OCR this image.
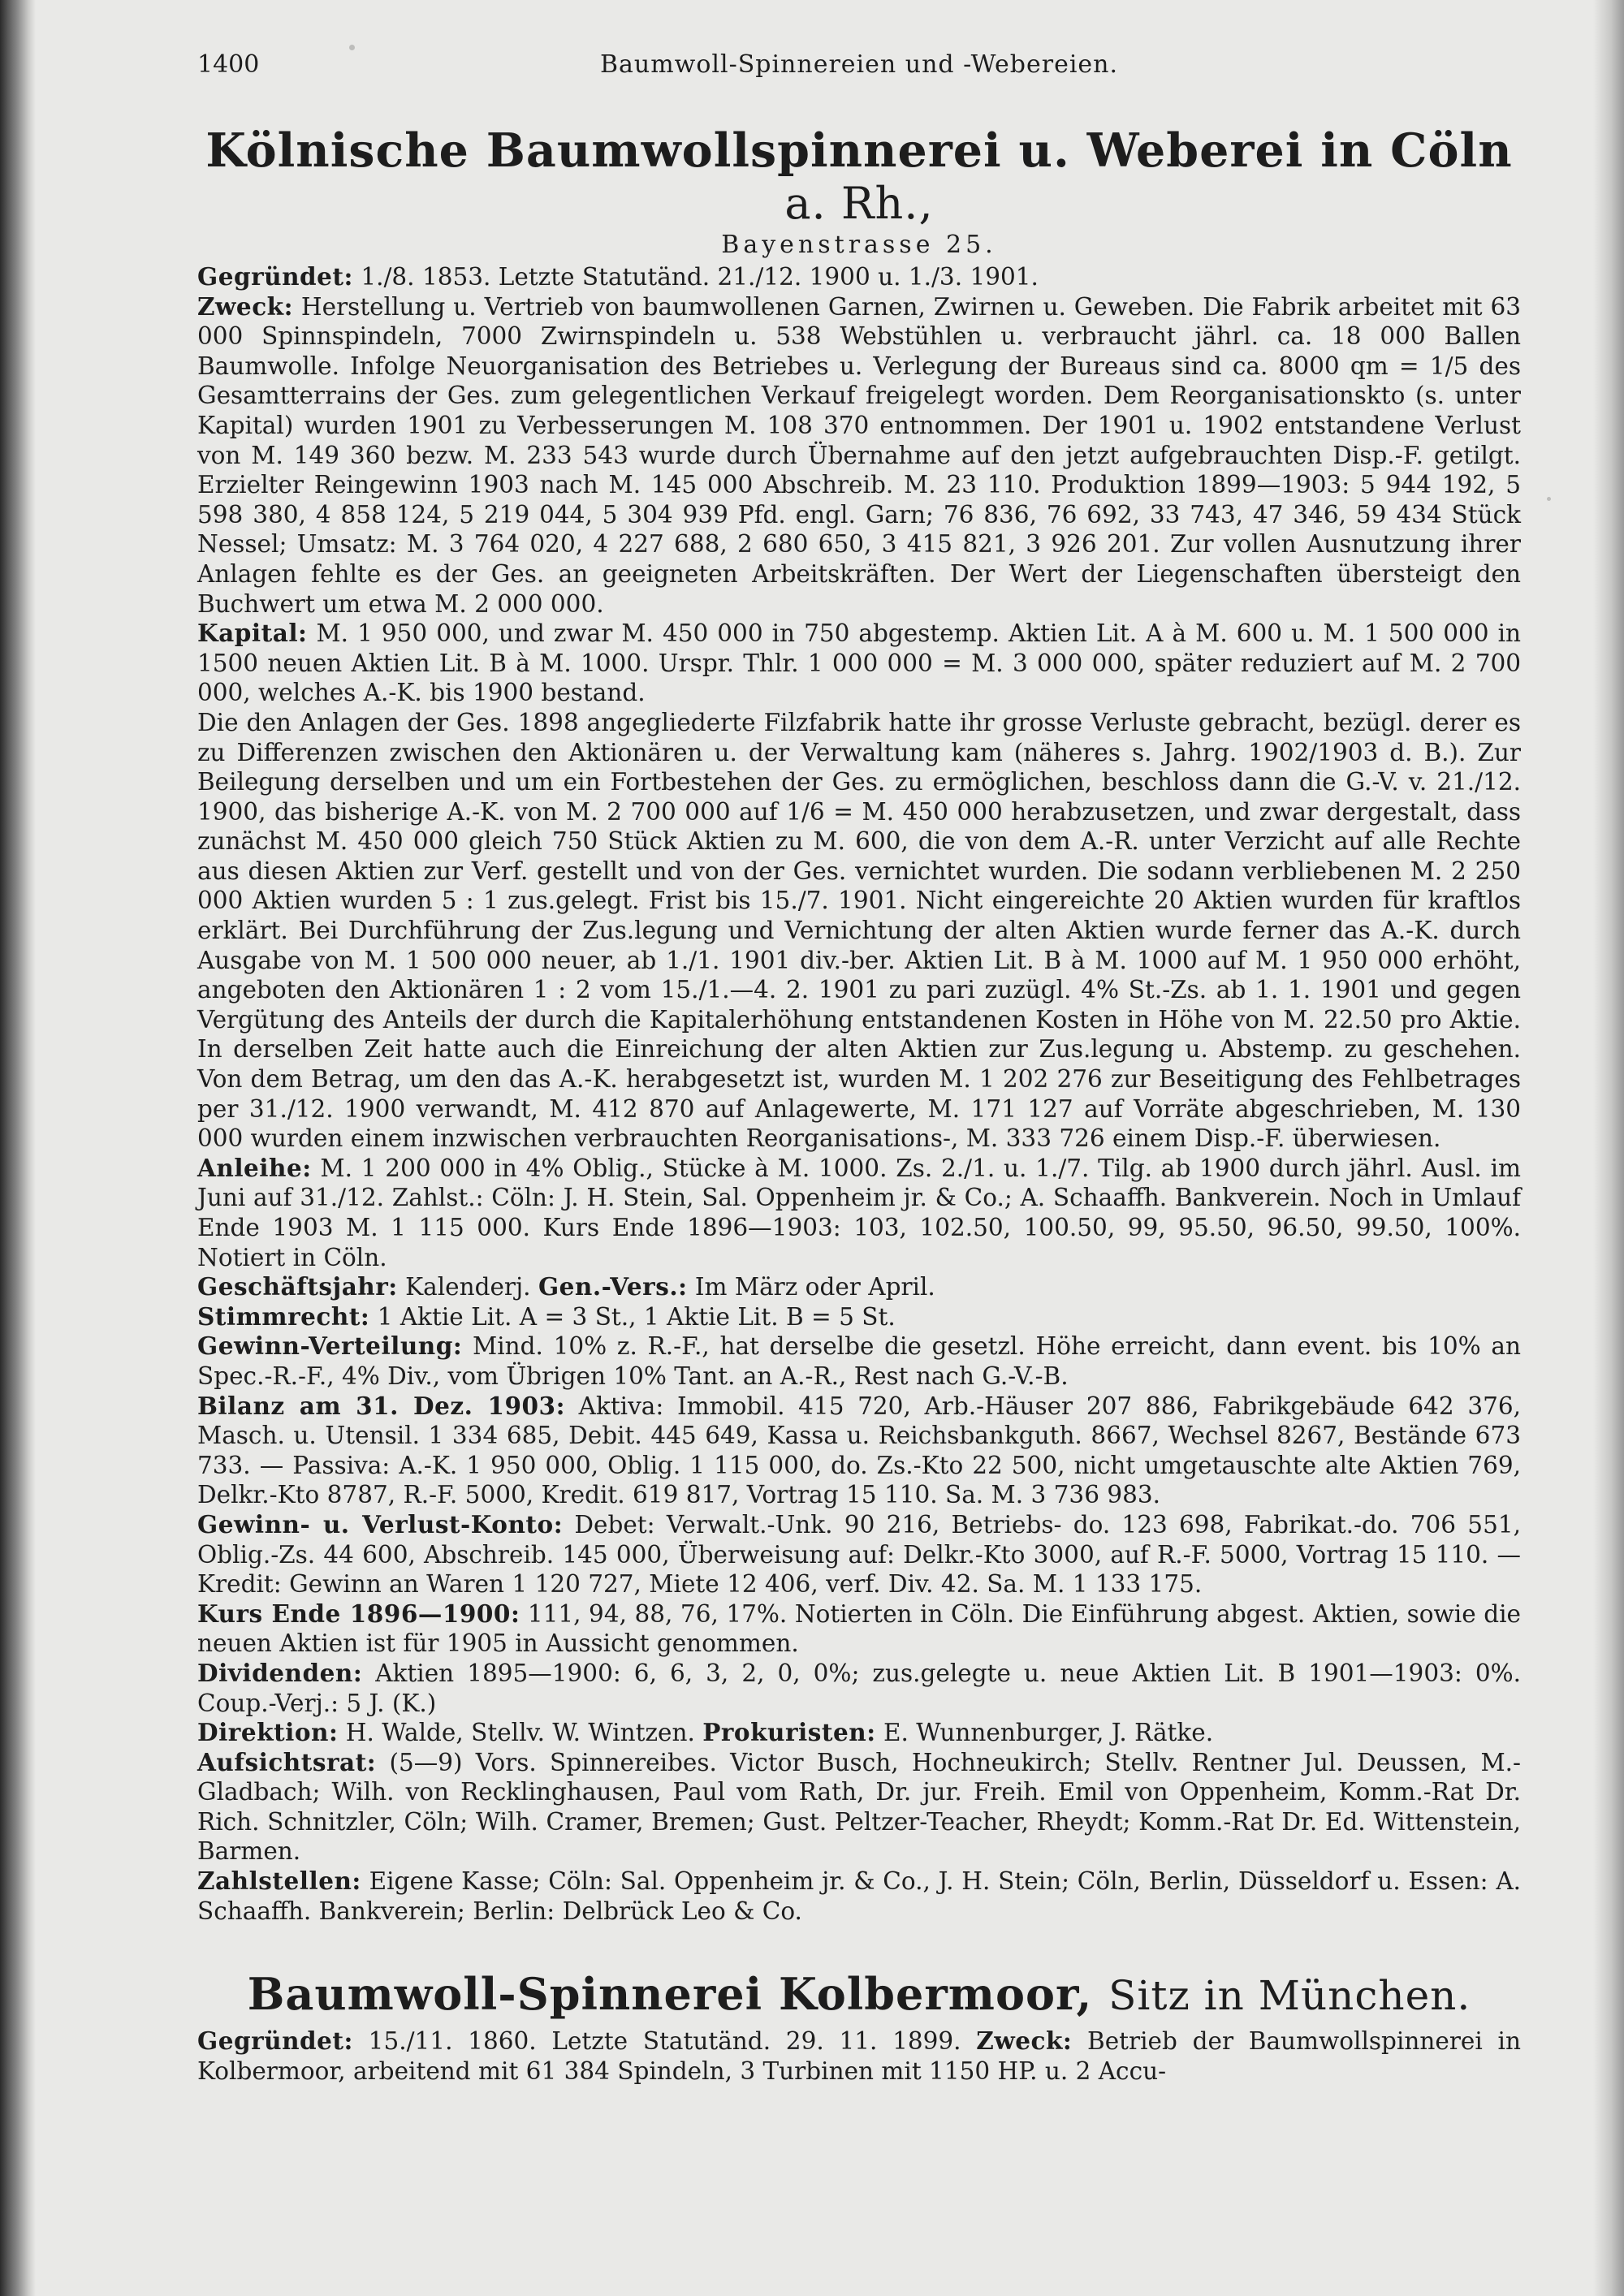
1400	Baumwoll-Spinnereien und -Webereien.
Kölnische Baumwollspinnerei u. Weberei in Cöln a. Rh.,
Bayenstrasse 25.

Gegründet: 1./8. 1853. Letzte Statutänd. 21./12. 1900 u. 1./3. 1901.

Zweck: Herstellung u. Vertrieb von baumwollenen Garnen, Zwirnen u. Geweben. Die Fabrik arbeitet mit 63 000 Spinnspindeln, 7000 Zwirnspindeln u. 538 Webstühlen u. verbraucht jährl. ca. 18 000 Ballen Baumwolle. Infolge Neuorganisation des Betriebes u. Verlegung der Bureaus sind ca. 8000 qm = 1/5 des Gesamtterrains der Ges. zum gelegentlichen Verkauf freigelegt worden. Dem Reorganisationskto (s. unter Kapital) wurden 1901 zu Verbesserungen M. 108 370 entnommen. Der 1901 u. 1902 entstandene Verlust von M. 149 360 bezw. M. 233 543 wurde durch Übernahme auf den jetzt aufgebrauchten Disp.-F. getilgt. Erzielter Reingewinn 1903 nach M. 145 000 Abschreib. M. 23 110. Produktion 1899—1903: 5 944 192, 5 598 380, 4 858 124, 5 219 044, 5 304 939 Pfd. engl. Garn; 76 836, 76 692, 33 743, 47 346, 59 434 Stück Nessel; Umsatz: M. 3 764 020, 4 227 688, 2 680 650, 3 415 821, 3 926 201. Zur vollen Ausnutzung ihrer Anlagen fehlte es der Ges. an geeigneten Arbeitskräften. Der Wert der Liegenschaften übersteigt den Buchwert um etwa M. 2 000 000.

Kapital: M. 1 950 000, und zwar M. 450 000 in 750 abgestemp. Aktien Lit. A à M. 600 u. M. 1 500 000 in 1500 neuen Aktien Lit. B à M. 1000. Urspr. Thlr. 1 000 000 = M. 3 000 000, später reduziert auf M. 2 700 000, welches A.-K. bis 1900 bestand.

Die den Anlagen der Ges. 1898 angegliederte Filzfabrik hatte ihr grosse Verluste gebracht, bezügl. derer es zu Differenzen zwischen den Aktionären u. der Verwaltung kam (näheres s. Jahrg. 1902/1903 d. B.). Zur Beilegung derselben und um ein Fortbestehen der Ges. zu ermöglichen, beschloss dann die G.-V. v. 21./12. 1900, das bisherige A.-K. von M. 2 700 000 auf 1/6 = M. 450 000 herabzusetzen, und zwar dergestalt, dass zunächst M. 450 000 gleich 750 Stück Aktien zu M. 600, die von dem A.-R. unter Verzicht auf alle Rechte aus diesen Aktien zur Verf. gestellt und von der Ges. vernichtet wurden. Die sodann verbliebenen M. 2 250 000 Aktien wurden 5 : 1 zus.gelegt. Frist bis 15./7. 1901. Nicht eingereichte 20 Aktien wurden für kraftlos erklärt. Bei Durchführung der Zus.legung und Vernichtung der alten Aktien wurde ferner das A.-K. durch Ausgabe von M. 1 500 000 neuer, ab 1./1. 1901 div.-ber. Aktien Lit. B à M. 1000 auf M. 1 950 000 erhöht, angeboten den Aktionären 1 : 2 vom 15./1.—4. 2. 1901 zu pari zuzügl. 4% St.-Zs. ab 1. 1. 1901 und gegen Vergütung des Anteils der durch die Kapitalerhöhung entstandenen Kosten in Höhe von M. 22.50 pro Aktie. In derselben Zeit hatte auch die Einreichung der alten Aktien zur Zus.legung u. Abstemp. zu geschehen. Von dem Betrag, um den das A.-K. herabgesetzt ist, wurden M. 1 202 276 zur Beseitigung des Fehlbetrages per 31./12. 1900 verwandt, M. 412 870 auf Anlagewerte, M. 171 127 auf Vorräte abgeschrieben, M. 130 000 wurden einem inzwischen verbrauchten Reorganisations-, M. 333 726 einem Disp.-F. überwiesen.

Anleihe: M. 1 200 000 in 4% Oblig., Stücke à M. 1000. Zs. 2./1. u. 1./7. Tilg. ab 1900 durch jährl. Ausl. im Juni auf 31./12. Zahlst.: Cöln: J. H. Stein, Sal. Oppenheim jr. & Co.; A. Schaaffh. Bankverein. Noch in Umlauf Ende 1903 M. 1 115 000. Kurs Ende 1896—1903: 103, 102.50, 100.50, 99, 95.50, 96.50, 99.50, 100%. Notiert in Cöln.

Geschäftsjahr: Kalenderj. Gen.-Vers.: Im März oder April.

Stimmrecht: 1 Aktie Lit. A = 3 St., 1 Aktie Lit. B = 5 St.

Gewinn-Verteilung: Mind. 10% z. R.-F., hat derselbe die gesetzl. Höhe erreicht, dann event. bis 10% an Spec.-R.-F., 4% Div., vom Übrigen 10% Tant. an A.-R., Rest nach G.-V.-B.

Bilanz am 31. Dez. 1903: Aktiva: Immobil. 415 720, Arb.-Häuser 207 886, Fabrikgebäude 642 376, Masch. u. Utensil. 1 334 685, Debit. 445 649, Kassa u. Reichsbankguth. 8667, Wechsel 8267, Bestände 673 733. — Passiva: A.-K. 1 950 000, Oblig. 1 115 000, do. Zs.-Kto 22 500, nicht umgetauschte alte Aktien 769, Delkr.-Kto 8787, R.-F. 5000, Kredit. 619 817, Vortrag 15 110. Sa. M. 3 736 983.

Gewinn- u. Verlust-Konto: Debet: Verwalt.-Unk. 90 216, Betriebs- do. 123 698, Fabrikat.-do. 706 551, Oblig.-Zs. 44 600, Abschreib. 145 000, Überweisung auf: Delkr.-Kto 3000, auf R.-F. 5000, Vortrag 15 110. — Kredit: Gewinn an Waren 1 120 727, Miete 12 406, verf. Div. 42. Sa. M. 1 133 175.

Kurs Ende 1896—1900: 111, 94, 88, 76, 17%. Notierten in Cöln. Die Einführung abgest. Aktien, sowie die neuen Aktien ist für 1905 in Aussicht genommen.

Dividenden: Aktien 1895—1900: 6, 6, 3, 2, 0, 0%; zus.gelegte u. neue Aktien Lit. B 1901—1903: 0%. Coup.-Verj.: 5 J. (K.)

Direktion: H. Walde, Stellv. W. Wintzen. Prokuristen: E. Wunnenburger, J. Rätke.

Aufsichtsrat: (5—9) Vors. Spinnereibes. Victor Busch, Hochneukirch; Stellv. Rentner Jul. Deussen, M.-Gladbach; Wilh. von Recklinghausen, Paul vom Rath, Dr. jur. Freih. Emil von Oppenheim, Komm.-Rat Dr. Rich. Schnitzler, Cöln; Wilh. Cramer, Bremen; Gust. Peltzer-Teacher, Rheydt; Komm.-Rat Dr. Ed. Wittenstein, Barmen.

Zahlstellen: Eigene Kasse; Cöln: Sal. Oppenheim jr. & Co., J. H. Stein; Cöln, Berlin, Düsseldorf u. Essen: A. Schaaffh. Bankverein; Berlin: Delbrück Leo & Co.

Baumwoll-Spinnerei Kolbermoor, Sitz in München.

Gegründet: 15./11. 1860. Letzte Statutänd. 29. 11. 1899. Zweck: Betrieb der Baumwollspinnerei in Kolbermoor, arbeitend mit 61 384 Spindeln, 3 Turbinen mit 1150 HP. u. 2 Accu-
